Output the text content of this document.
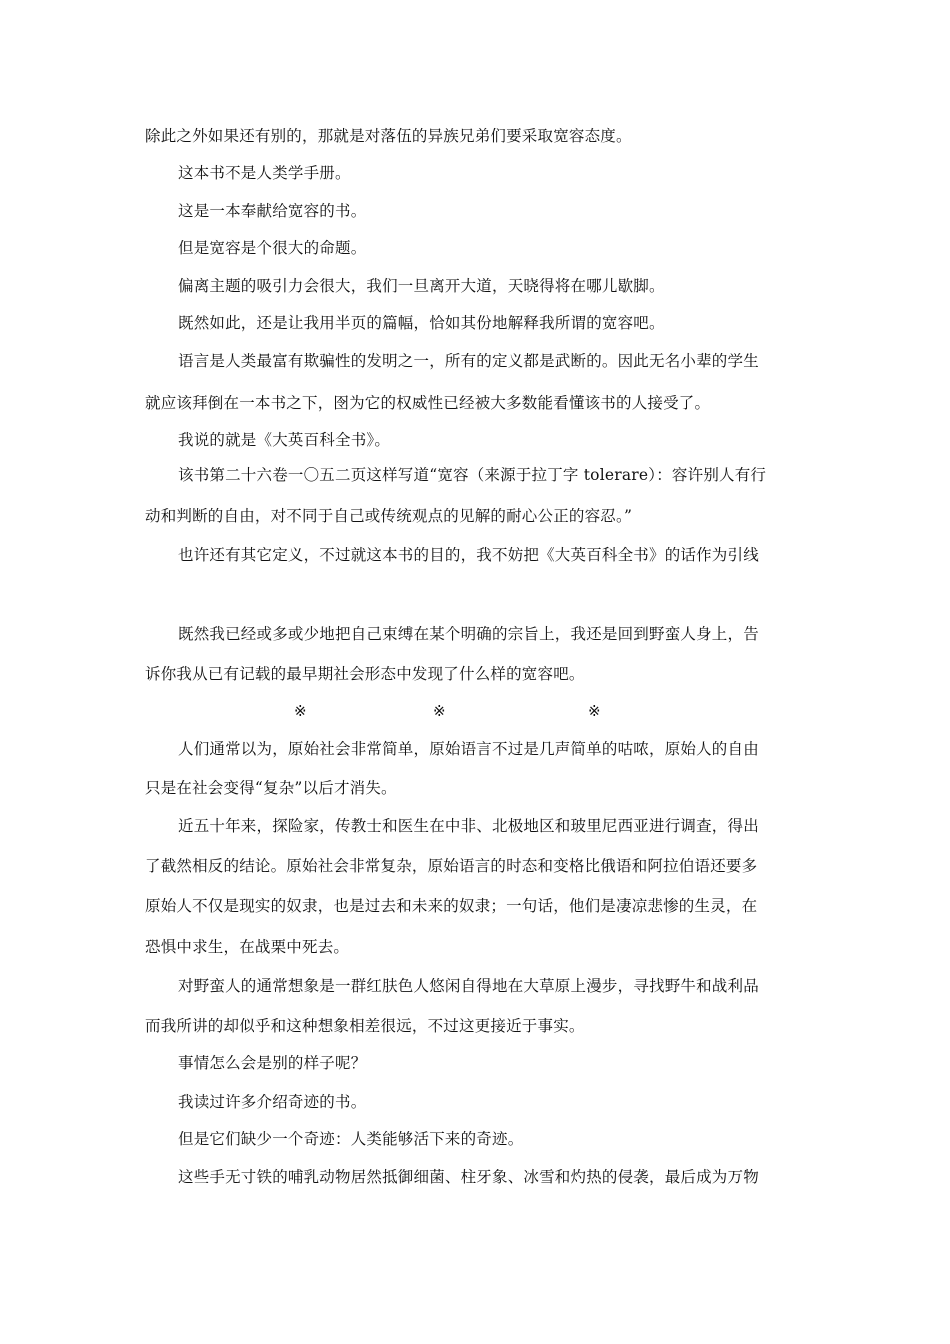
除此之外如果还有别的，那就是对落伍的异族兄弟们要采取宽容态度。
这本书不是人类学手册。
这是一本奉献给宽容的书。
但是宽容是个很大的命题。
偏离主题的吸引力会很大，我们一旦离开大道，天晓得将在哪儿歇脚。
既然如此，还是让我用半页的篇幅，恰如其份地解释我所谓的宽容吧。
语言是人类最富有欺骗性的发明之一，所有的定义都是武断的。因此无名小辈的学生
就应该拜倒在一本书之下，囹为它的权威性已经被大多数能看懂该书的人接受了。
我说的就是《大英百科全书》。
该书第二十六卷一〇五二页这样写道“宽容（来源于拉丁字 tolerare）：容许别人有行
动和判断的自由，对不同于自己或传统观点的见解的耐心公正的容忍。”
也许还有其它定义，不过就这本书的目的，我不妨把《大英百科全书》的话作为引线
既然我已经或多或少地把自己束缚在某个明确的宗旨上，我还是回到野蛮人身上，告
诉你我从已有记载的最早期社会形态中发现了什么样的宽容吧。
※	※	※
人们通常以为，原始社会非常简单，原始语言不过是几声简单的咕哝，原始人的自由
只是在社会变得“复杂”以后才消失。
近五十年来，探险家，传教士和医生在中非、北极地区和玻里尼西亚进行调查，得出
了截然相反的结论。原始社会非常复杂，原始语言的时态和变格比俄语和阿拉伯语还要多
原始人不仅是现实的奴隶，也是过去和未来的奴隶；一句话，他们是凄凉悲惨的生灵，在
恐惧中求生，在战栗中死去。
对野蛮人的通常想象是一群红肤色人悠闲自得地在大草原上漫步，寻找野牛和战利品
而我所讲的却似乎和这种想象相差很远，不过这更接近于事实。
事情怎么会是别的样子呢？
我读过许多介绍奇迹的书。
但是它们缺少一个奇迹：人类能够活下来的奇迹。
这些手无寸铁的哺乳动物居然抵御细菌、柱牙象、冰雪和灼热的侵袭，最后成为万物
